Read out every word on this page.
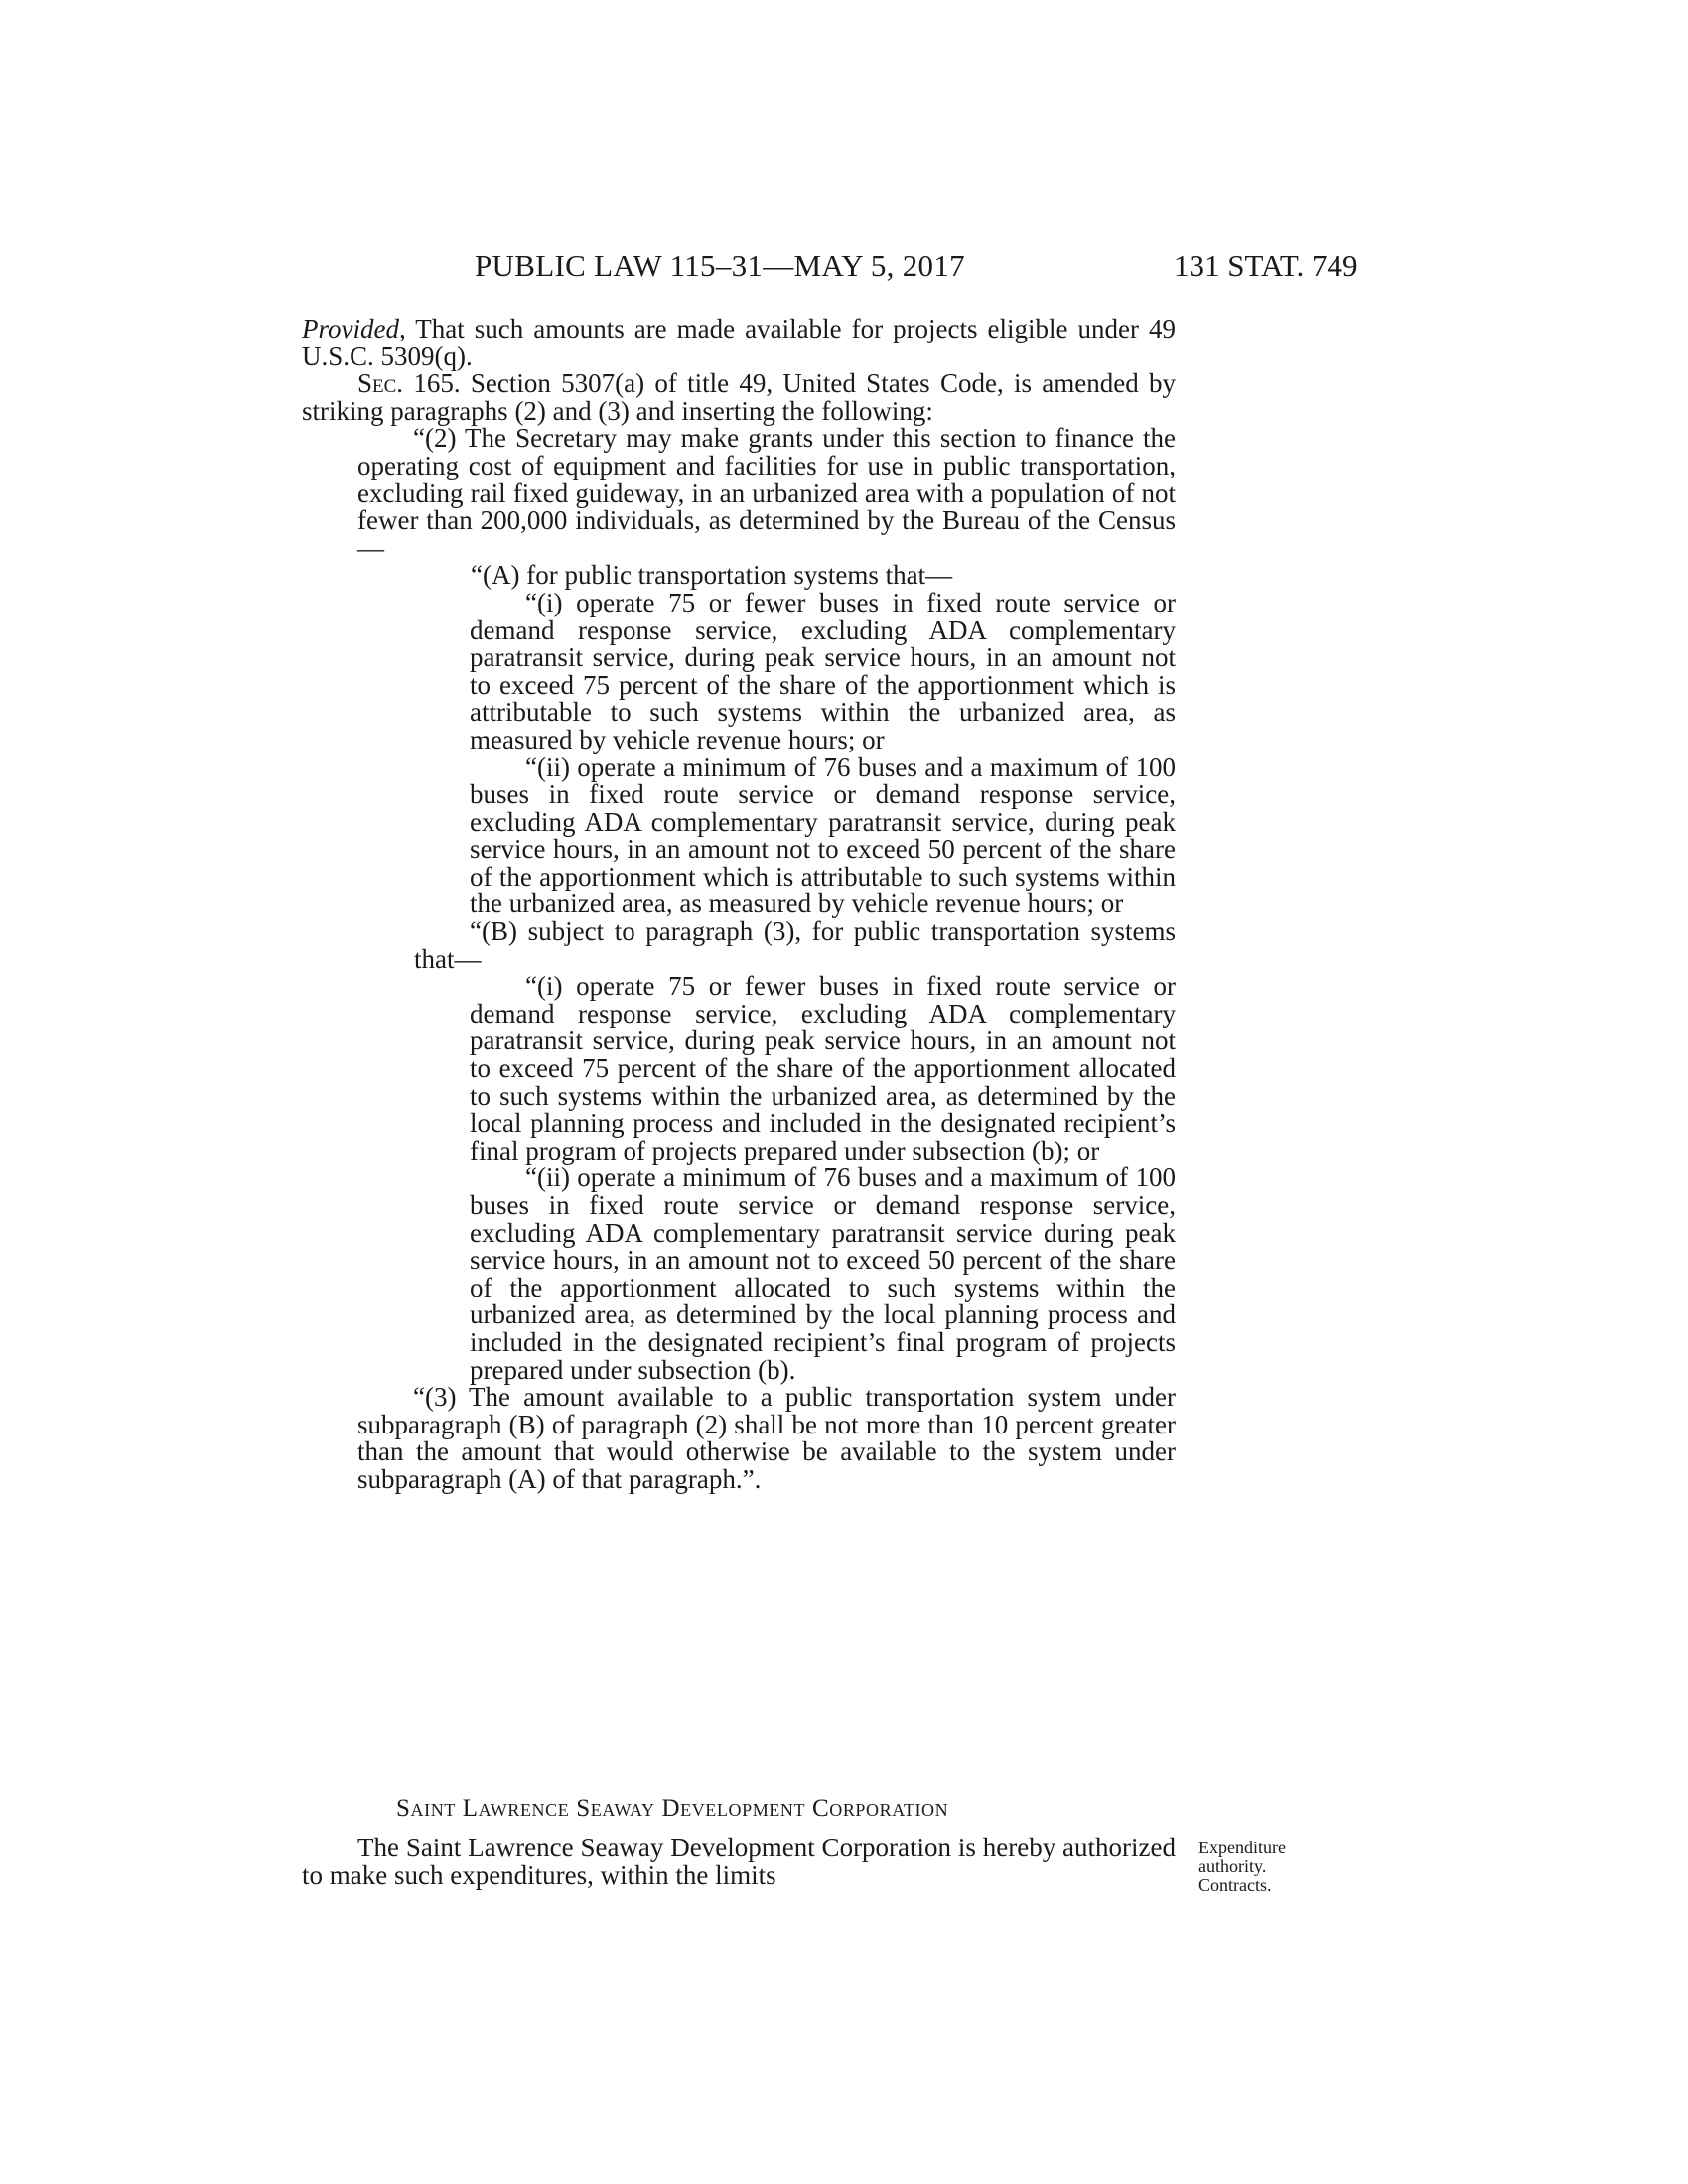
PUBLIC LAW 115–31—MAY 5, 2017	131 STAT. 749

Provided, That such amounts are made available for projects eligible under 49 U.S.C. 5309(q).

Sec. 165. Section 5307(a) of title 49, United States Code, is amended by striking paragraphs (2) and (3) and inserting the following:

“(2) The Secretary may make grants under this section to finance the operating cost of equipment and facilities for use in public transportation, excluding rail fixed guideway, in an urbanized area with a population of not fewer than 200,000 individuals, as determined by the Bureau of the Census—

“(A) for public transportation systems that—

“(i) operate 75 or fewer buses in fixed route service or demand response service, excluding ADA complementary paratransit service, during peak service hours, in an amount not to exceed 75 percent of the share of the apportionment which is attributable to such systems within the urbanized area, as measured by vehicle revenue hours; or

“(ii) operate a minimum of 76 buses and a maximum of 100 buses in fixed route service or demand response service, excluding ADA complementary paratransit service, during peak service hours, in an amount not to exceed 50 percent of the share of the apportionment which is attributable to such systems within the urbanized area, as measured by vehicle revenue hours; or

“(B) subject to paragraph (3), for public transportation systems that—

“(i) operate 75 or fewer buses in fixed route service or demand response service, excluding ADA complementary paratransit service, during peak service hours, in an amount not to exceed 75 percent of the share of the apportionment allocated to such systems within the urbanized area, as determined by the local planning process and included in the designated recipient’s final program of projects prepared under subsection (b); or

“(ii) operate a minimum of 76 buses and a maximum of 100 buses in fixed route service or demand response service, excluding ADA complementary paratransit service during peak service hours, in an amount not to exceed 50 percent of the share of the apportionment allocated to such systems within the urbanized area, as determined by the local planning process and included in the designated recipient’s final program of projects prepared under subsection (b).

“(3) The amount available to a public transportation system under subparagraph (B) of paragraph (2) shall be not more than 10 percent greater than the amount that would otherwise be available to the system under subparagraph (A) of that paragraph.”.

Saint Lawrence Seaway Development Corporation

The Saint Lawrence Seaway Development Corporation is hereby authorized to make such expenditures, within the limits

Expenditure
authority.
Contracts.
